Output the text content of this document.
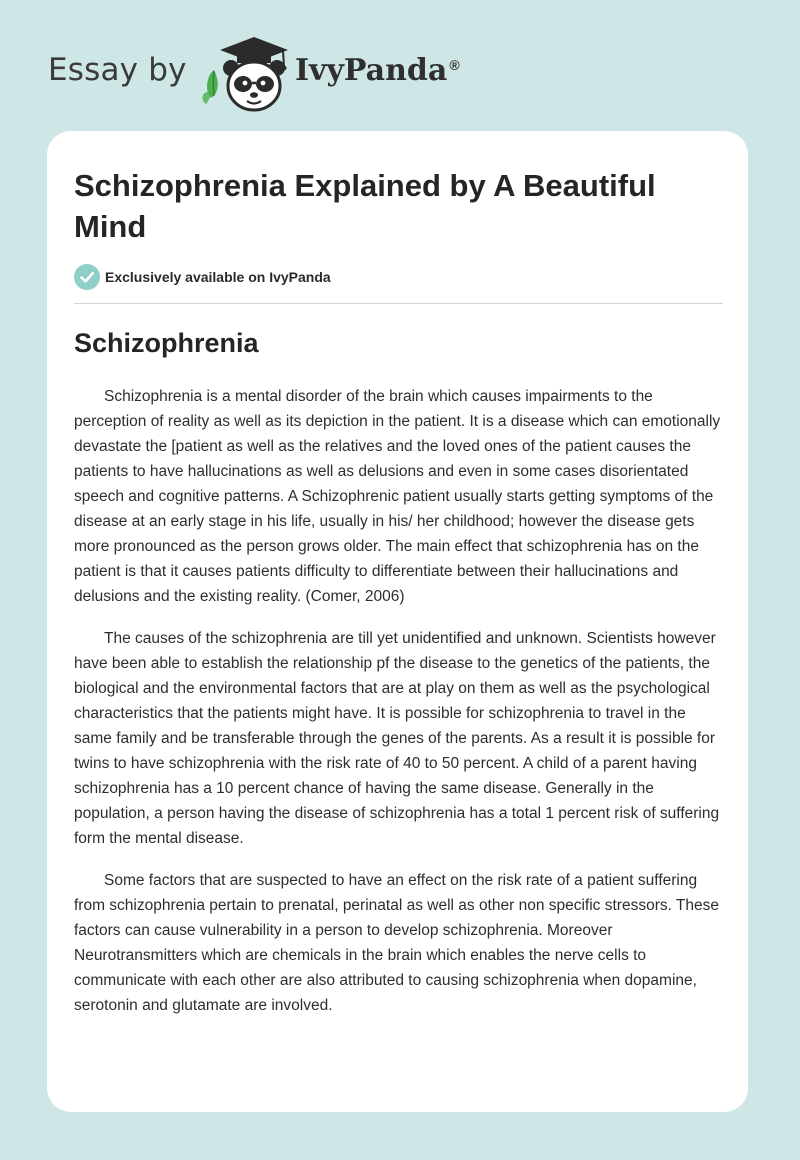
Essay by	IvyPanda ®
Schizophrenia Explained by A Beautiful Mind
Exclusively available on IvyPanda
Schizophrenia

Schizophrenia is a mental disorder of the brain which causes impairments to the perception of reality as well as its depiction in the patient. It is a disease which can emotionally devastate the [patient as well as the relatives and the loved ones of the patient causes the patients to have hallucinations as well as delusions and even in some cases disorientated speech and cognitive patterns. A Schizophrenic patient usually starts getting symptoms of the disease at an early stage in his life, usually in his/ her childhood; however the disease gets more pronounced as the person grows older. The main effect that schizophrenia has on the patient is that it causes patients difficulty to differentiate between their hallucinations and delusions and the existing reality. (Comer, 2006)

The causes of the schizophrenia are till yet unidentified and unknown. Scientists however have been able to establish the relationship pf the disease to the genetics of the patients, the biological and the environmental factors that are at play on them as well as the psychological characteristics that the patients might have. It is possible for schizophrenia to travel in the same family and be transferable through the genes of the parents. As a result it is possible for twins to have schizophrenia with the risk rate of 40 to 50 percent. A child of a parent having schizophrenia has a 10 percent chance of having the same disease. Generally in the population, a person having the disease of schizophrenia has a total 1 percent risk of suffering form the mental disease.

Some factors that are suspected to have an effect on the risk rate of a patient suffering from schizophrenia pertain to prenatal, perinatal as well as other non specific stressors. These factors can cause vulnerability in a person to develop schizophrenia. Moreover Neurotransmitters which are chemicals in the brain which enables the nerve cells to communicate with each other are also attributed to causing schizophrenia when dopamine, serotonin and glutamate are involved.
